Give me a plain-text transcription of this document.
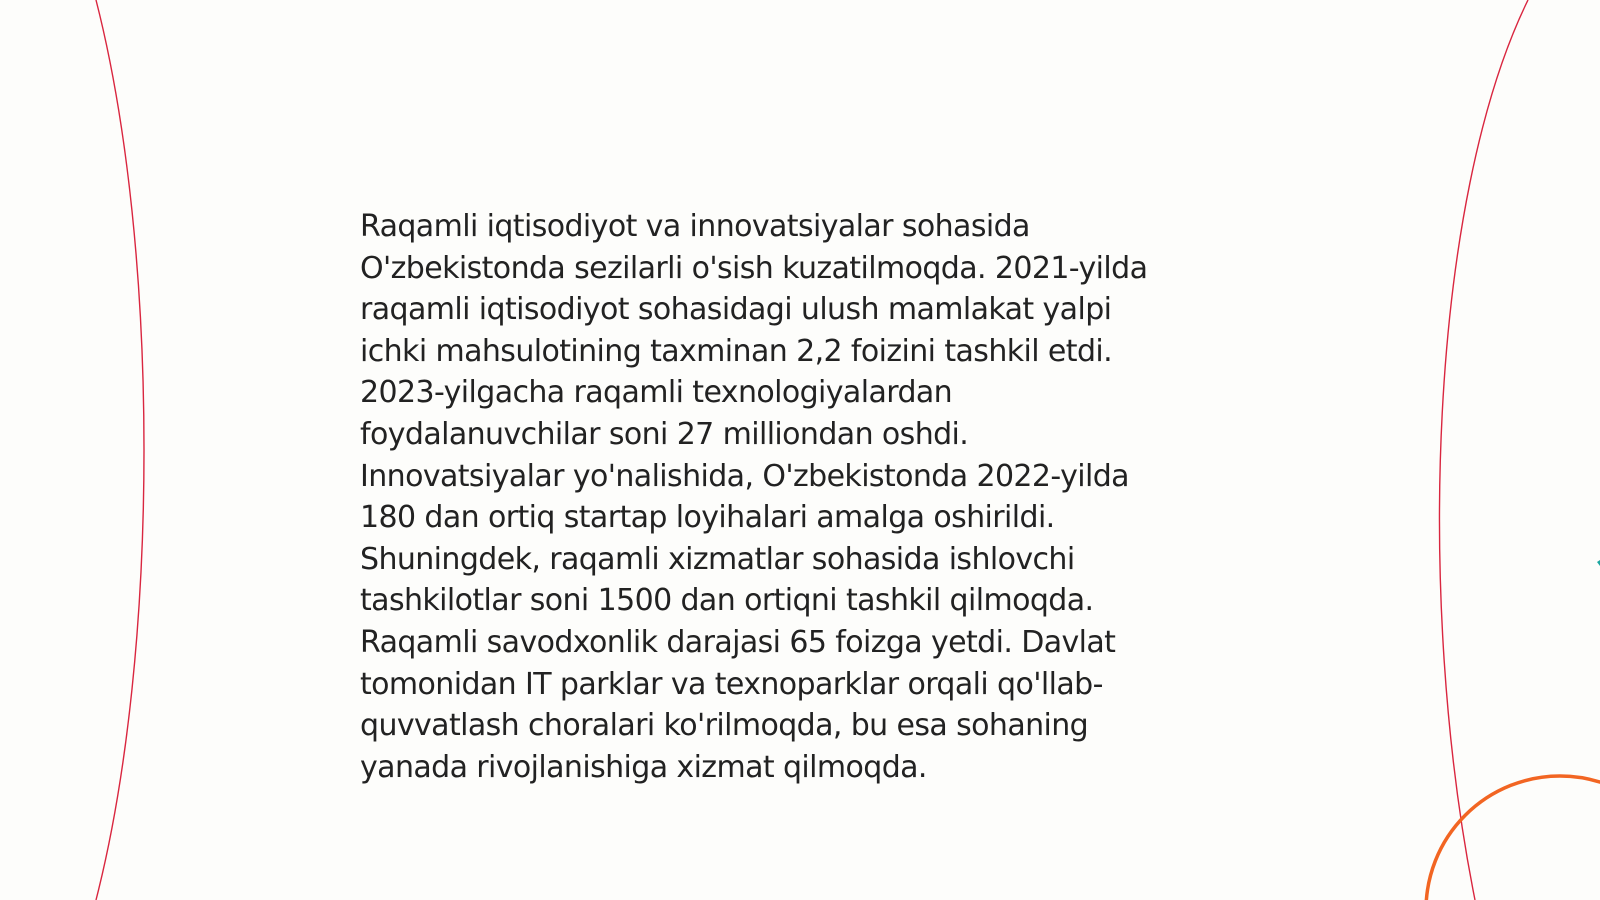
Raqamli iqtisodiyot va innovatsiyalar sohasida
O'zbekistonda sezilarli o'sish kuzatilmoqda. 2021-yilda
raqamli iqtisodiyot sohasidagi ulush mamlakat yalpi
ichki mahsulotining taxminan 2,2 foizini tashkil etdi.
2023-yilgacha raqamli texnologiyalardan
foydalanuvchilar soni 27 milliondan oshdi.
Innovatsiyalar yo'nalishida, O'zbekistonda 2022-yilda
180 dan ortiq startap loyihalari amalga oshirildi.
Shuningdek, raqamli xizmatlar sohasida ishlovchi
tashkilotlar soni 1500 dan ortiqni tashkil qilmoqda.
Raqamli savodxonlik darajasi 65 foizga yetdi. Davlat
tomonidan IT parklar va texnoparklar orqali qo'llab-
quvvatlash choralari ko'rilmoqda, bu esa sohaning
yanada rivojlanishiga xizmat qilmoqda.
